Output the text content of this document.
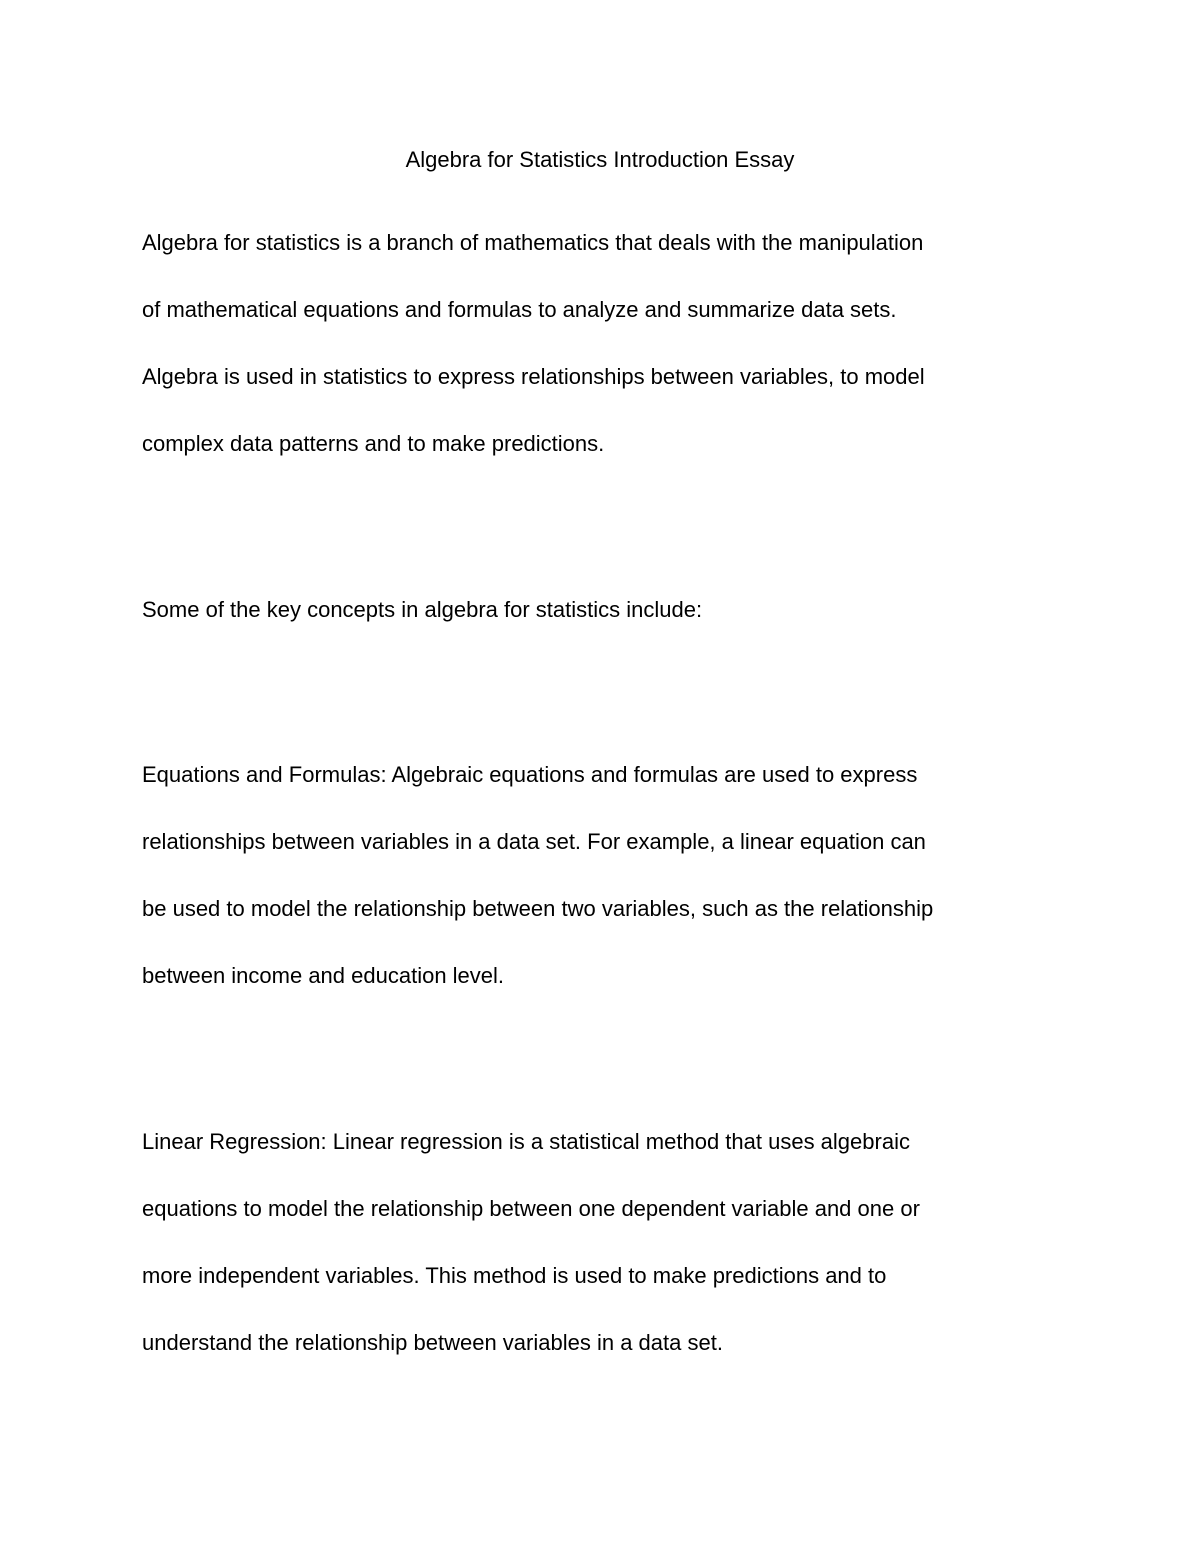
Algebra for Statistics Introduction Essay
Algebra for statistics is a branch of mathematics that deals with the manipulation
of mathematical equations and formulas to analyze and summarize data sets.
Algebra is used in statistics to express relationships between variables, to model
complex data patterns and to make predictions.
Some of the key concepts in algebra for statistics include:
Equations and Formulas: Algebraic equations and formulas are used to express
relationships between variables in a data set. For example, a linear equation can
be used to model the relationship between two variables, such as the relationship
between income and education level.
Linear Regression: Linear regression is a statistical method that uses algebraic
equations to model the relationship between one dependent variable and one or
more independent variables. This method is used to make predictions and to
understand the relationship between variables in a data set.
